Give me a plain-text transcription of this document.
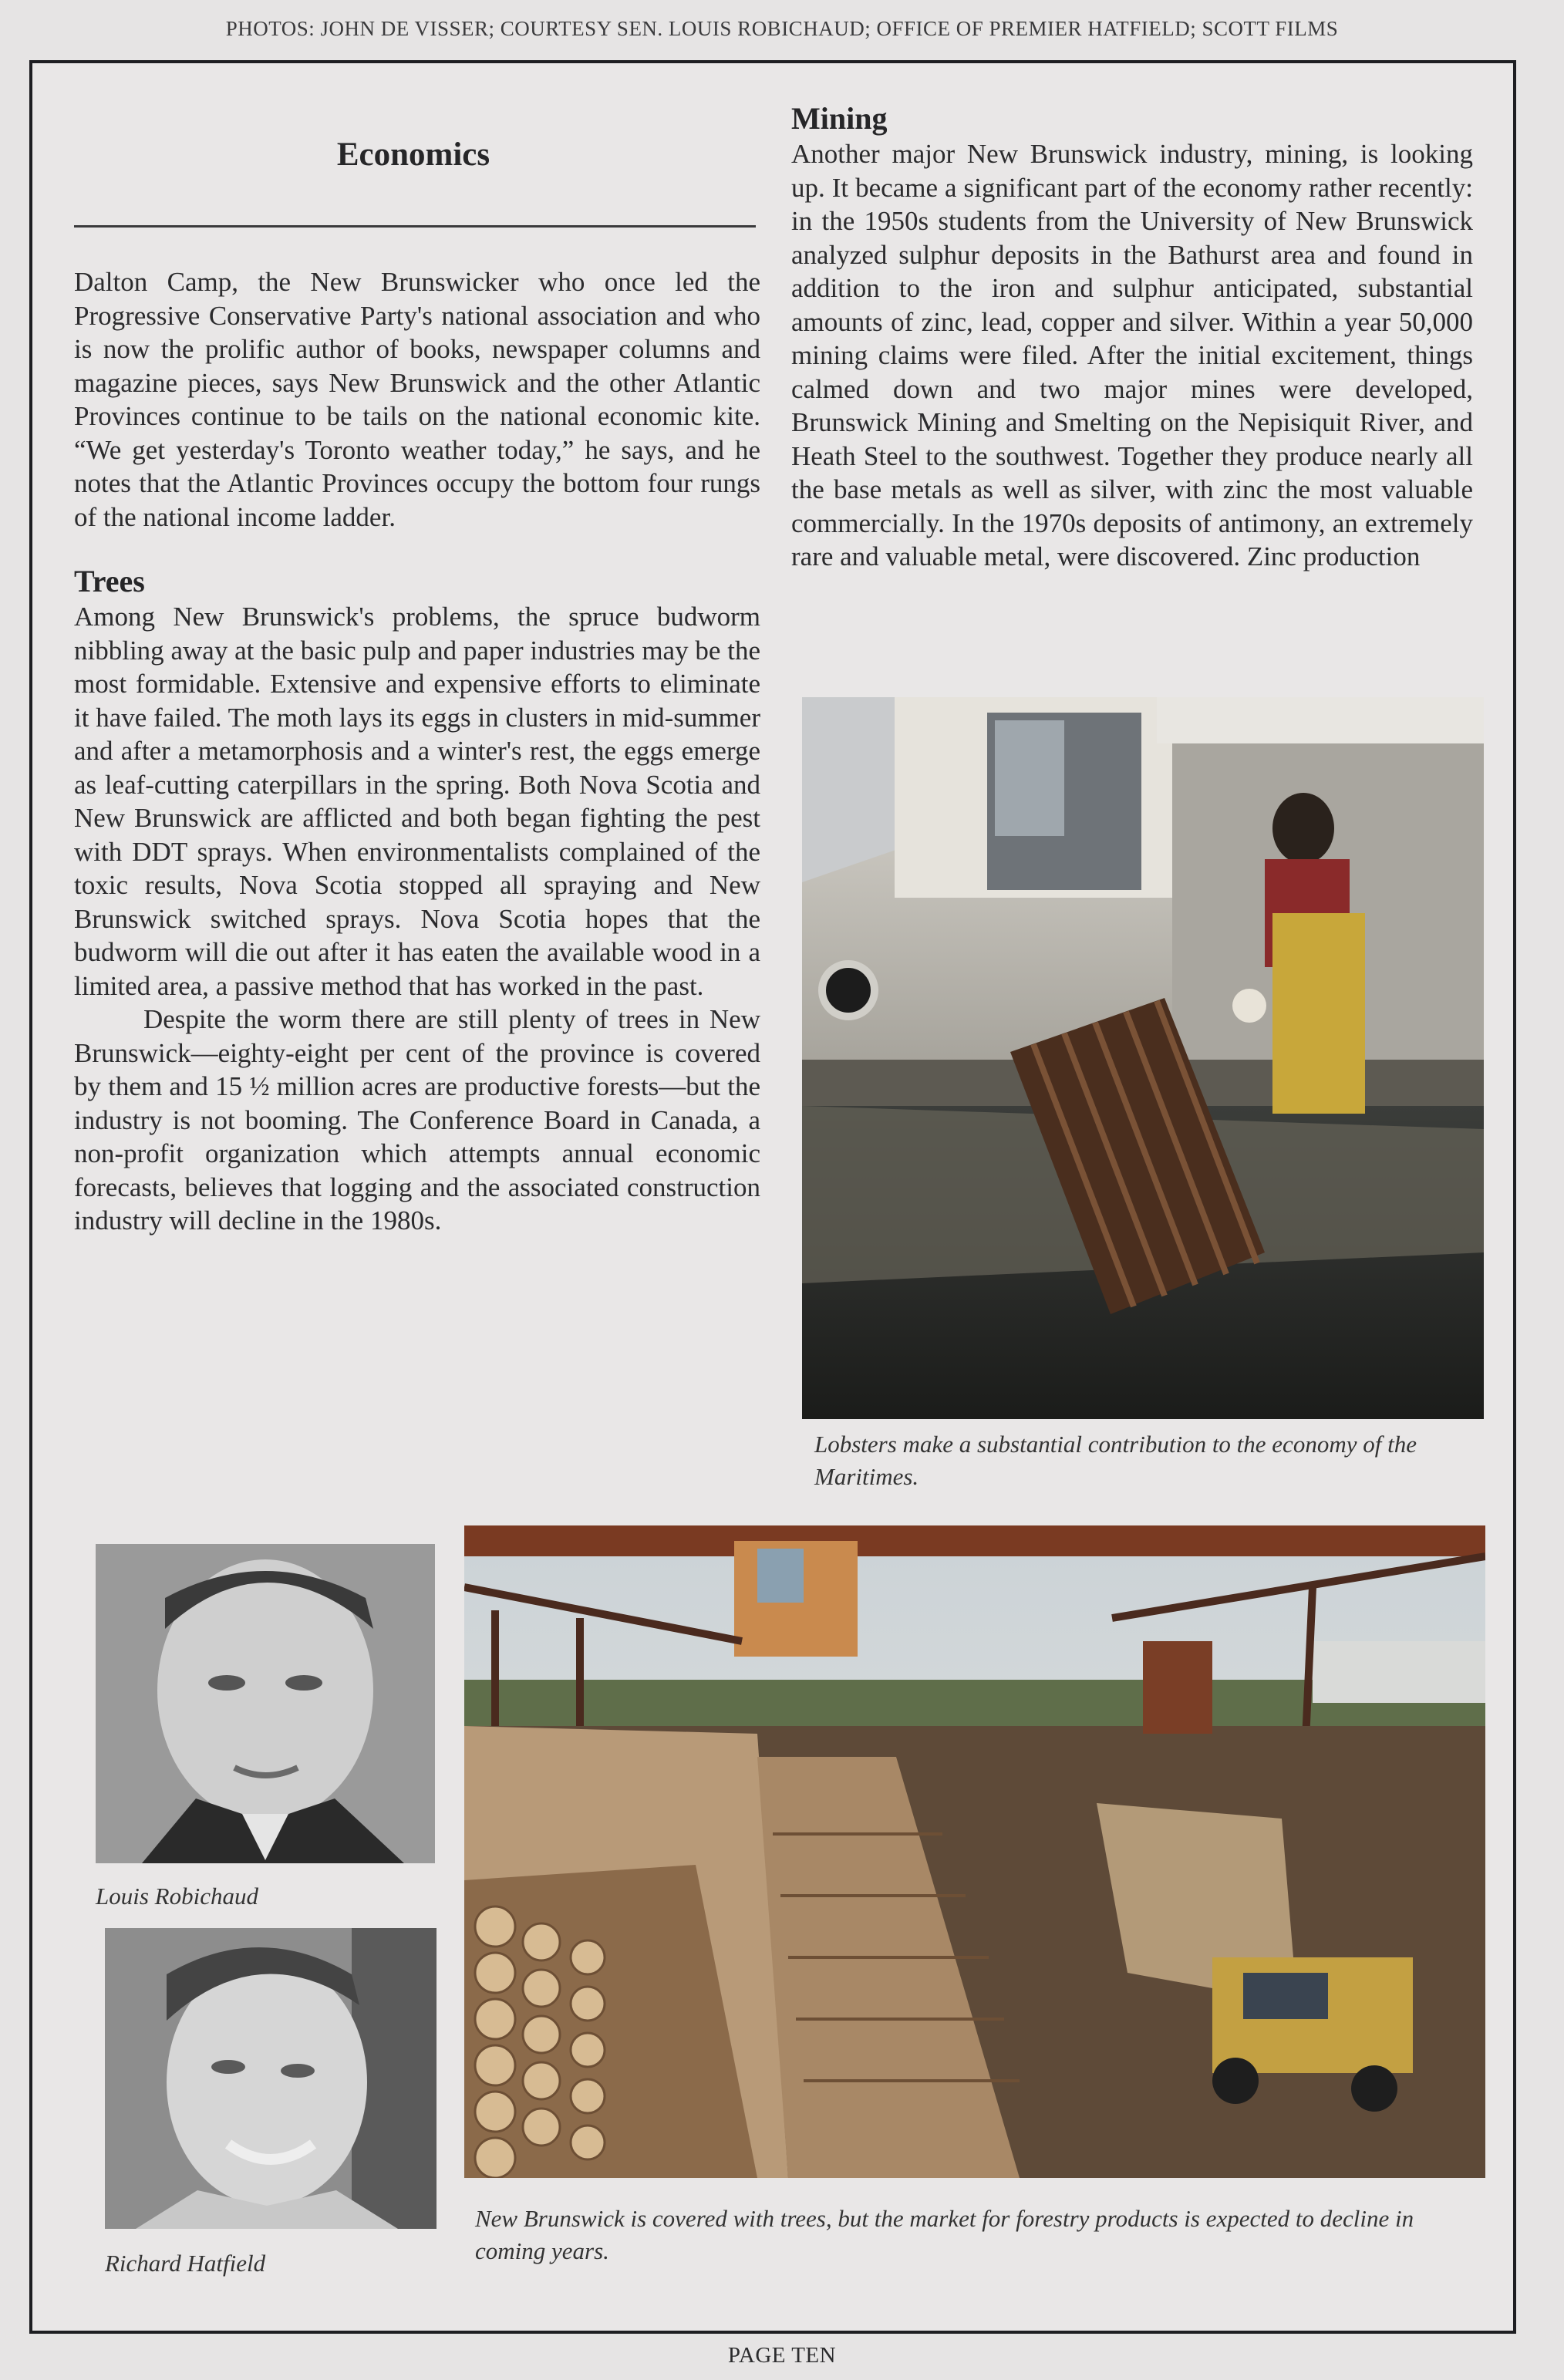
PHOTOS: JOHN DE VISSER; COURTESY SEN. LOUIS ROBICHAUD; OFFICE OF PREMIER HATFIELD; SCOTT FILMS
Economics

Dalton Camp, the New Brunswicker who once led the Progressive Conservative Party's national association and who is now the prolific author of books, newspaper columns and magazine pieces, says New Brunswick and the other Atlantic Provinces continue to be tails on the national economic kite. “We get yesterday's Toronto weather today,” he says, and he notes that the Atlantic Provinces occupy the bottom four rungs of the national income ladder.

Trees

Among New Brunswick's problems, the spruce budworm nibbling away at the basic pulp and paper industries may be the most formidable. Extensive and expensive efforts to eliminate it have failed. The moth lays its eggs in clusters in mid-summer and after a metamorphosis and a winter's rest, the eggs emerge as leaf-cutting caterpillars in the spring. Both Nova Scotia and New Brunswick are afflicted and both began fighting the pest with DDT sprays. When environmentalists complained of the toxic results, Nova Scotia stopped all spraying and New Brunswick switched sprays. Nova Scotia hopes that the budworm will die out after it has eaten the available wood in a limited area, a passive method that has worked in the past.

Despite the worm there are still plenty of trees in New Brunswick—eighty-eight per cent of the province is covered by them and 15 ½ million acres are productive forests—but the industry is not booming. The Conference Board in Canada, a non-profit organization which attempts annual economic forecasts, believes that logging and the associated construction industry will decline in the 1980s.

Mining

Another major New Brunswick industry, mining, is looking up. It became a significant part of the economy rather recently: in the 1950s students from the University of New Brunswick analyzed sulphur deposits in the Bathurst area and found in addition to the iron and sulphur anticipated, substantial amounts of zinc, lead, copper and silver. Within a year 50,000 mining claims were filed. After the initial excitement, things calmed down and two major mines were developed, Brunswick Mining and Smelting on the Nepisiquit River, and Heath Steel to the southwest. Together they produce nearly all the base metals as well as silver, with zinc the most valuable commercially. In the 1970s deposits of antimony, an extremely rare and valuable metal, were discovered. Zinc production

Lobsters make a substantial contribution to the economy of the Maritimes.
Louis Robichaud
Richard Hatfield
New Brunswick is covered with trees, but the market for forestry products is expected to decline in coming years.
PAGE TEN
